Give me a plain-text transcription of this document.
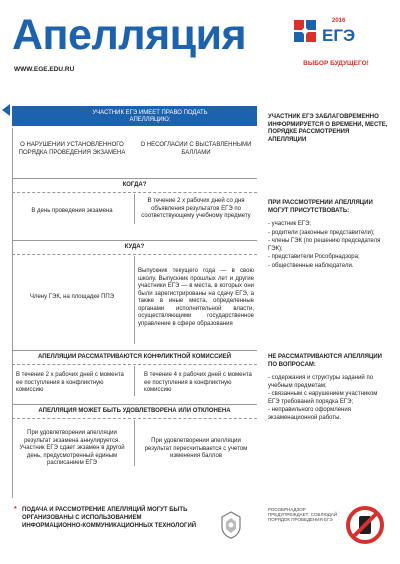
Апелляция
WWW.EGE.EDU.RU
2016
ЕГЭ
ВЫБОР БУДУЩЕГО!
УЧАСТНИК ЕГЭ ИМЕЕТ ПРАВО ПОДАТЬ АПЕЛЛЯЦИЮ:
О НАРУШЕНИИ УСТАНОВЛЕННОГО ПОРЯДКА ПРОВЕДЕНИЯ ЭКЗАМЕНА
О НЕСОГЛАСИИ С ВЫСТАВЛЕННЫМИ БАЛЛАМИ
КОГДА?
В день проведения экзамена
В течение 2 х рабочих дней со дня объявления результатов ЕГЭ по соответствующему учебному предмету
КУДА?
Члену ГЭК, на площадке ППЭ
Выпускник текущего года — в свою школу. Выпускник прошлых лет и другие участники ЕГЭ — в места, в которых они были зарегистрированы на сдачу ЕГЭ, а также в иные места, определенные органами исполнительной власти, осуществляющими государственное управление в сфере образования
АПЕЛЛЯЦИИ РАССМАТРИВАЮТСЯ КОНФЛИКТНОЙ КОМИССИЕЙ
В течение 2 х рабочих дней с момента ее поступления в конфликтную комиссию
В течение 4 х рабочих дней с момента ее поступления в конфликтную комиссию
АПЕЛЛЯЦИЯ МОЖЕТ БЫТЬ УДОВЛЕТВОРЕНА ИЛИ ОТКЛОНЕНА
При удовлетворении апелляции результат экзамена аннулируется. Участник ЕГЭ сдает экзамен в другой день, предусмотренный единым расписанием ЕГЭ
При удовлетворении апелляции результат пересчитывается с учетом изменения баллов
УЧАСТНИК ЕГЭ ЗАБЛАГОВРЕМЕННО ИНФОРМИРУЕТСЯ О ВРЕМЕНИ, МЕСТЕ, ПОРЯДКЕ РАССМОТРЕНИЯ АПЕЛЛЯЦИИ
ПРИ РАССМОТРЕНИИ АПЕЛЛЯЦИИ МОГУТ ПРИСУТСТВОВАТЬ:
- участник ЕГЭ;
- родители (законные представители);
- члены ГЭК (по решению председателя ГЭК);
- представители Рособрнадзора;
- общественные наблюдатели.
НЕ РАССМАТРИВАЮТСЯ АПЕЛЛЯЦИИ ПО ВОПРОСАМ:
- содержания и структуры заданий по учебным предметам;
- связанным с нарушением участником ЕГЭ требований порядка ЕГЭ;
- неправильного оформления экзаменационной работы.
* ПОДАЧА И РАССМОТРЕНИЕ АПЕЛЛЯЦИЙ МОГУТ БЫТЬ ОРГАНИЗОВАНЫ С ИСПОЛЬЗОВАНИЕМ ИНФОРМАЦИОННО-КОММУНИКАЦИОННЫХ ТЕХНОЛОГИЙ
РОСОБРНАДЗОР ПРЕДУПРЕЖДАЕТ: СОБЛЮДАЙ ПОРЯДОК ПРОВЕДЕНИЯ ЕГЭ
